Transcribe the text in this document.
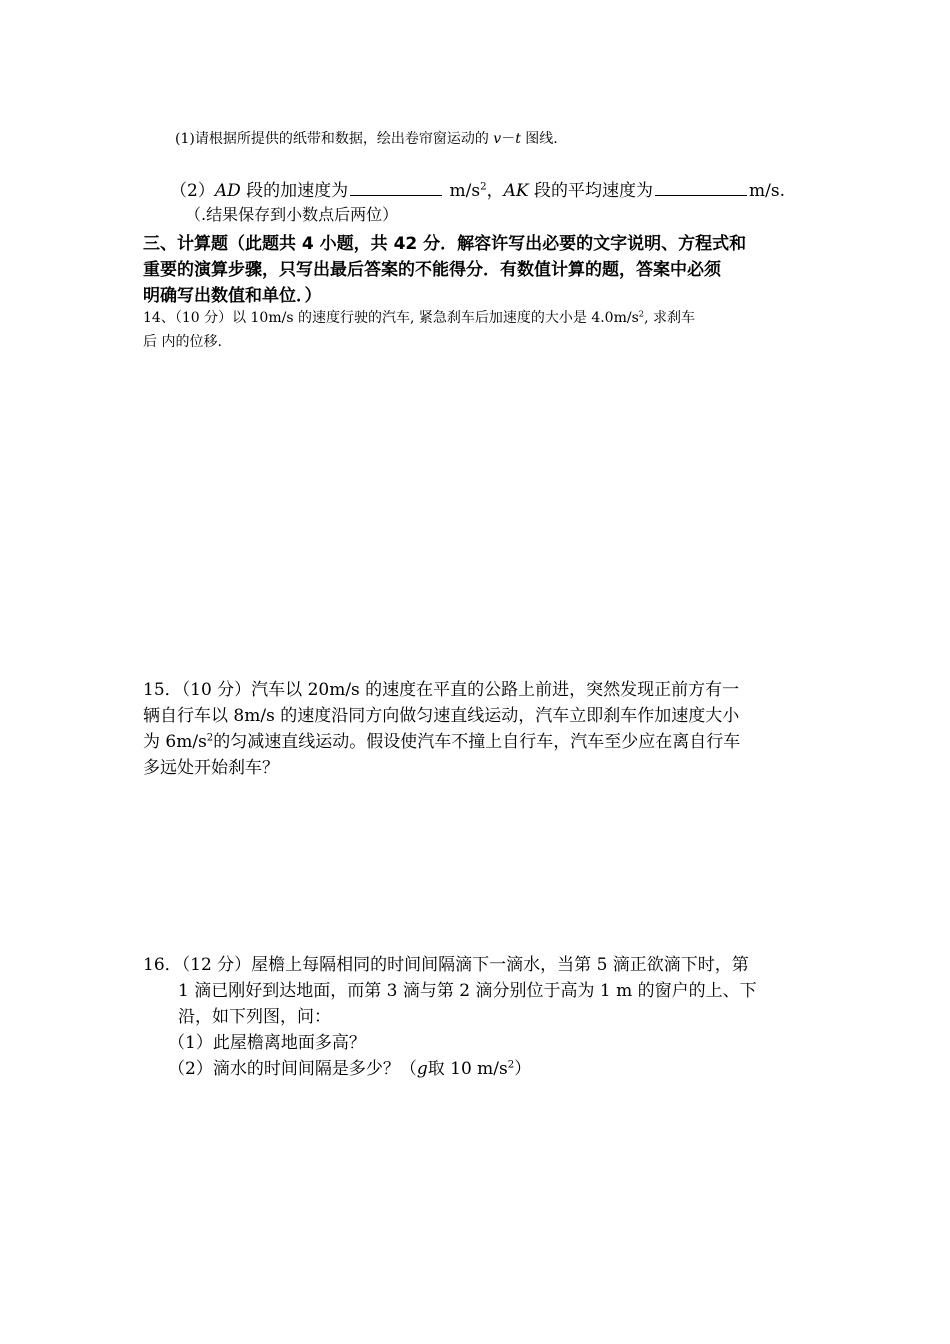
(1)请根据所提供的纸带和数据，绘出卷帘窗运动的 v－t 图线.
（2）AD 段的加速度为	$m/s^2$，AK 段的平均速度为	m/s.
（.结果保存到小数点后两位）
三、计算题（此题共 4 小题，共 42 分．解容许写出必要的文字说明、方程式和
重要的演算步骤，只写出最后答案的不能得分．有数值计算的题，答案中必须
明确写出数值和单位．）
14、（10 分）以 10m/s 的速度行驶的汽车, 紧急刹车后加速度的大小是 $4.0m/s^2$, 求刹车
后 内的位移.
15．（10 分）汽车以 20m/s 的速度在平直的公路上前进，突然发现正前方有一
辆自行车以 8m/s 的速度沿同方向做匀速直线运动，汽车立即刹车作加速度大小
为 $6m/s^2$的匀减速直线运动。假设使汽车不撞上自行车，汽车至少应在离自行车
多远处开始刹车？
16．（12 分）屋檐上每隔相同的时间间隔滴下一滴水，当第 5 滴正欲滴下时，第
1 滴已刚好到达地面，而第 3 滴与第 2 滴分别位于高为 1 m 的窗户的上、下
沿，如下列图，问：
（1）此屋檐离地面多高？
（2）滴水的时间间隔是多少？（g取 10 $m/s^2$）
